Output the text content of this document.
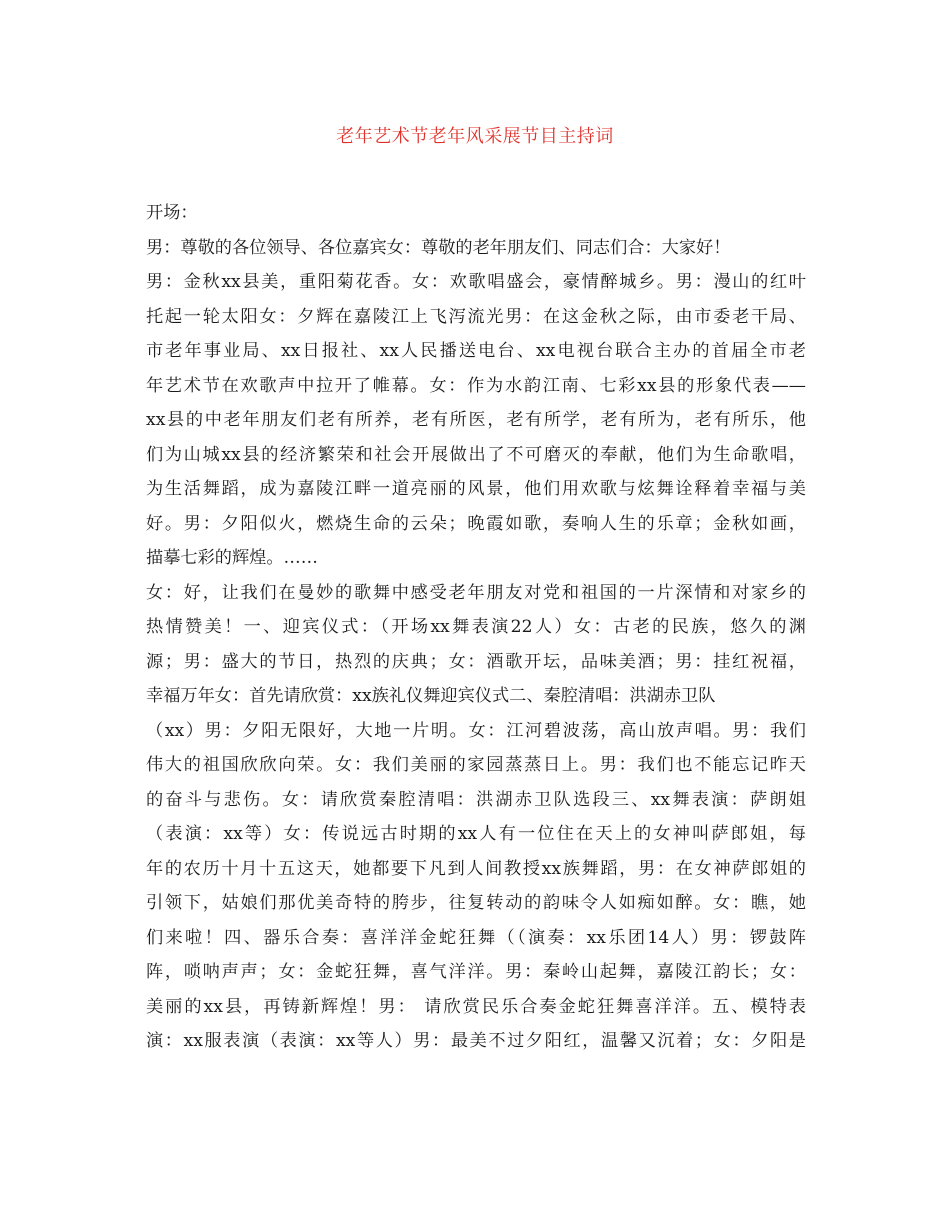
老年艺术节老年风采展节目主持词
开场：
男：尊敬的各位领导、各位嘉宾女：尊敬的老年朋友们、同志们合：大家好！
男：金秋xx县美，重阳菊花香。女：欢歌唱盛会，豪情醉城乡。男：漫山的红叶
托起一轮太阳女：夕辉在嘉陵江上飞泻流光男：在这金秋之际，由市委老干局、
市老年事业局、xx日报社、xx人民播送电台、xx电视台联合主办的首届全市老
年艺术节在欢歌声中拉开了帷幕。女：作为水韵江南、七彩xx县的形象代表——
xx县的中老年朋友们老有所养，老有所医，老有所学，老有所为，老有所乐，他
们为山城xx县的经济繁荣和社会开展做出了不可磨灭的奉献，他们为生命歌唱，
为生活舞蹈，成为嘉陵江畔一道亮丽的风景，他们用欢歌与炫舞诠释着幸福与美
好。男：夕阳似火，燃烧生命的云朵；晚霞如歌，奏响人生的乐章；金秋如画，
描摹七彩的辉煌。……
女：好，让我们在曼妙的歌舞中感受老年朋友对党和祖国的一片深情和对家乡的
热情赞美！一、迎宾仪式：（开场xx舞表演22人）女：古老的民族，悠久的渊
源；男：盛大的节日，热烈的庆典；女：酒歌开坛，品味美酒；男：挂红祝福，
幸福万年女：首先请欣赏：xx族礼仪舞迎宾仪式二、秦腔清唱：洪湖赤卫队
（xx）男：夕阳无限好，大地一片明。女：江河碧波荡，高山放声唱。男：我们
伟大的祖国欣欣向荣。女：我们美丽的家园蒸蒸日上。男：我们也不能忘记昨天
的奋斗与悲伤。女：请欣赏秦腔清唱：洪湖赤卫队选段三、xx舞表演：萨朗姐
（表演：xx等）女：传说远古时期的xx人有一位住在天上的女神叫萨郎姐，每
年的农历十月十五这天，她都要下凡到人间教授xx族舞蹈，男：在女神萨郎姐的
引领下，姑娘们那优美奇特的胯步，往复转动的韵味令人如痴如醉。女：瞧，她
们来啦！四、器乐合奏：喜洋洋金蛇狂舞（（演奏：xx乐团14人）男：锣鼓阵
阵，唢呐声声；女：金蛇狂舞，喜气洋洋。男：秦岭山起舞，嘉陵江韵长；女：
美丽的xx县，再铸新辉煌！男： 请欣赏民乐合奏金蛇狂舞喜洋洋。五、模特表
演：xx服表演（表演：xx等人）男：最美不过夕阳红，温馨又沉着；女：夕阳是
